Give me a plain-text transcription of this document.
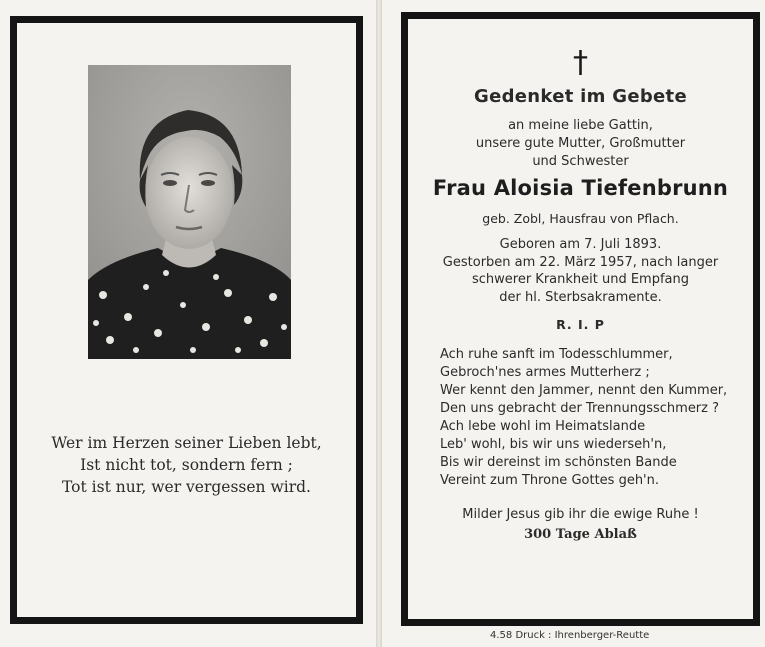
Wer im Herzen seiner Lieben lebt,
Ist nicht tot, sondern fern ;
Tot ist nur, wer vergessen wird.
†
Gedenket im Gebete
an meine liebe Gattin,
unsere gute Mutter, Großmutter
und Schwester
Frau Aloisia Tiefenbrunn
geb. Zobl, Hausfrau von Pflach.
Geboren am 7. Juli 1893.
Gestorben am 22. März 1957, nach langer
schwerer Krankheit und Empfang
der hl. Sterbsakramente.
R. I. P
Ach ruhe sanft im Todesschlummer,
Gebroch'nes armes Mutterherz ;
Wer kennt den Jammer, nennt den Kummer,
Den uns gebracht der Trennungsschmerz ?
Ach lebe wohl im Heimatslande
Leb' wohl, bis wir uns wiederseh'n,
Bis wir dereinst im schönsten Bande
Vereint zum Throne Gottes geh'n.
Milder Jesus gib ihr die ewige Ruhe !
300 Tage Ablaß
4.58 Druck : Ihrenberger-Reutte
